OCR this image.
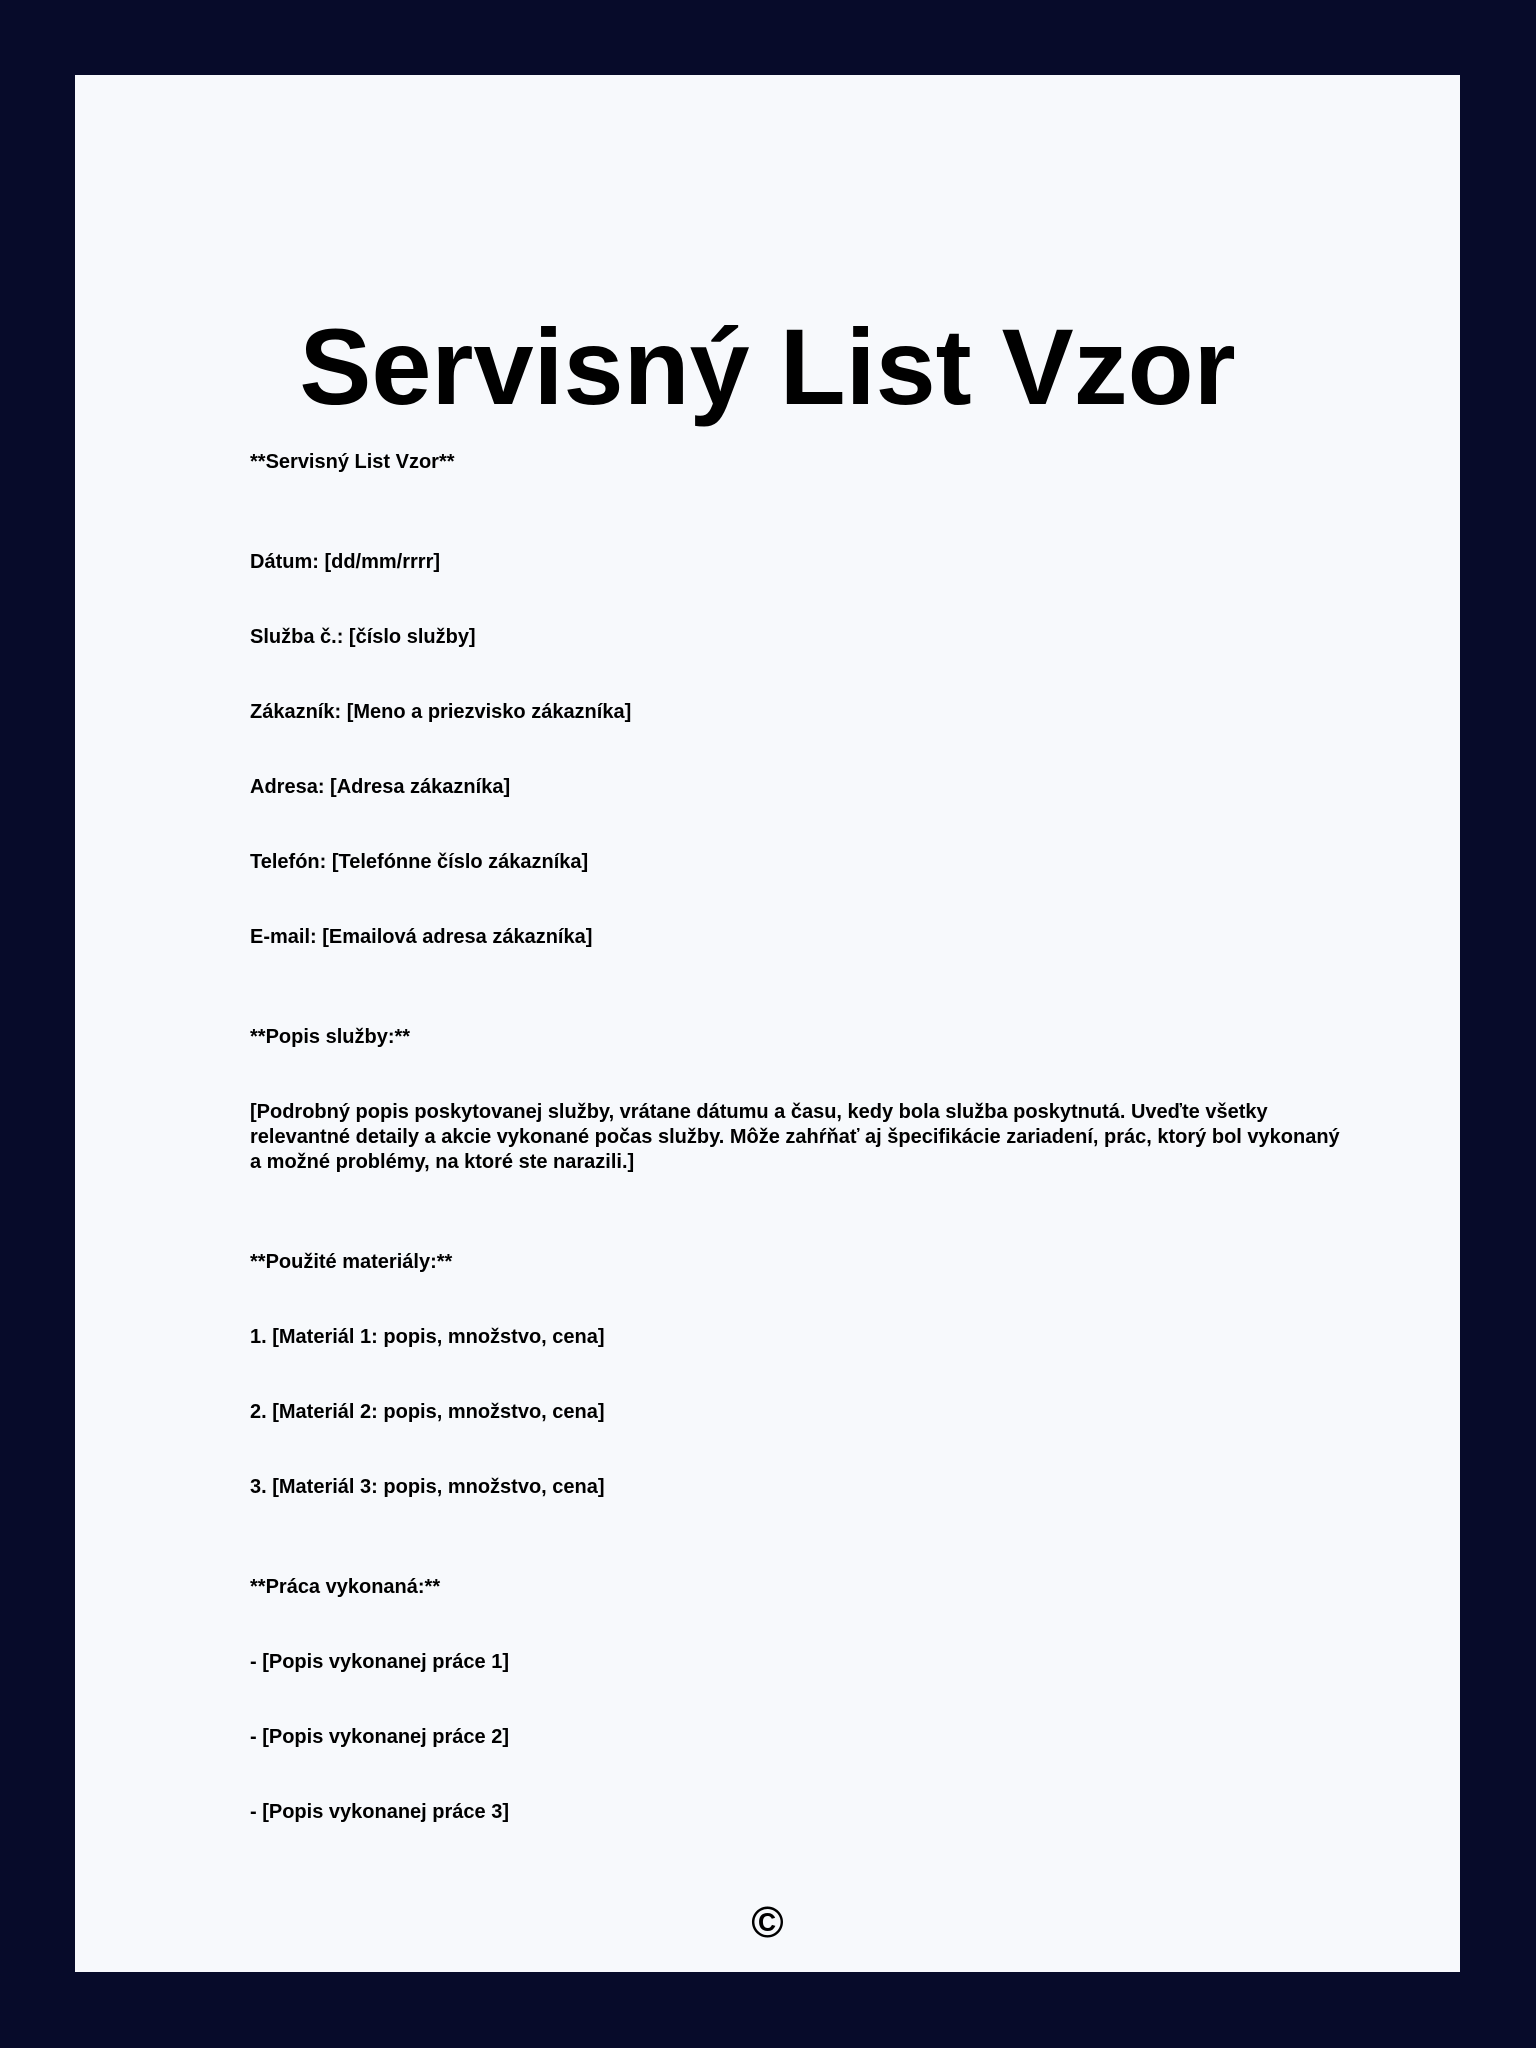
Servisný List Vzor

**Servisný List Vzor**

Dátum: [dd/mm/rrrr]

Služba č.: [číslo služby]

Zákazník: [Meno a priezvisko zákazníka]

Adresa: [Adresa zákazníka]

Telefón: [Telefónne číslo zákazníka]

E-mail: [Emailová adresa zákazníka]

**Popis služby:**

[Podrobný popis poskytovanej služby, vrátane dátumu a času, kedy bola služba poskytnutá. Uveďte všetky relevantné detaily a akcie vykonané počas služby. Môže zahŕňať aj špecifikácie zariadení, prác, ktorý bol vykonaný a možné problémy, na ktoré ste narazili.]

**Použité materiály:**

1. [Materiál 1: popis, množstvo, cena]

2. [Materiál 2: popis, množstvo, cena]

3. [Materiál 3: popis, množstvo, cena]

**Práca vykonaná:**

- [Popis vykonanej práce 1]

- [Popis vykonanej práce 2]

- [Popis vykonanej práce 3]

©
